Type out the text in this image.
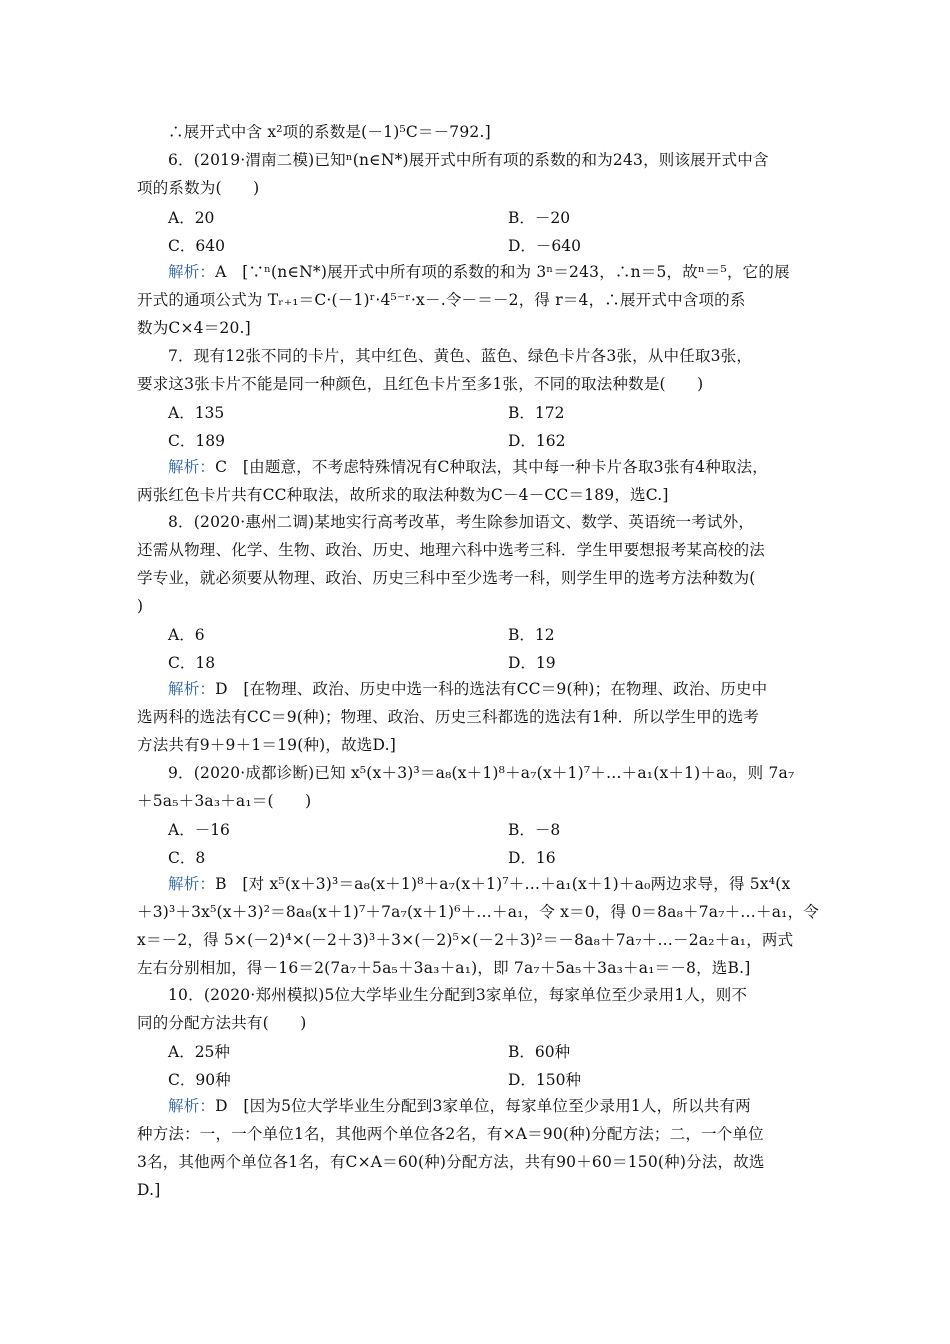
∴展开式中含 x²项的系数是(－1)⁵C＝－792.]
6．(2019·渭南二模)已知ⁿ(n∈N*)展开式中所有项的系数的和为243，则该展开式中含
项的系数为(　　)
A．20	B．－20
C．640	D．－640
解析：A　[∵ⁿ(n∈N*)展开式中所有项的系数的和为 3ⁿ＝243，∴n＝5，故ⁿ＝⁵，它的展
开式的通项公式为 Tᵣ₊₁＝C·(－1)ʳ·4⁵⁻ʳ·x－.令－＝－2，得 r＝4，∴展开式中含项的系
数为C×4＝20.]
7．现有12张不同的卡片，其中红色、黄色、蓝色、绿色卡片各3张，从中任取3张，
要求这3张卡片不能是同一种颜色，且红色卡片至多1张，不同的取法种数是(　　)
A．135	B．172
C．189	D．162
解析：C　[由题意，不考虑特殊情况有C种取法，其中每一种卡片各取3张有4种取法，
两张红色卡片共有CC种取法，故所求的取法种数为C－4－CC＝189，选C.]
8．(2020·惠州二调)某地实行高考改革，考生除参加语文、数学、英语统一考试外，
还需从物理、化学、生物、政治、历史、地理六科中选考三科．学生甲要想报考某高校的法
学专业，就必须要从物理、政治、历史三科中至少选考一科，则学生甲的选考方法种数为(
)
A．6	B．12
C．18	D．19
解析：D　[在物理、政治、历史中选一科的选法有CC＝9(种)；在物理、政治、历史中
选两科的选法有CC＝9(种)；物理、政治、历史三科都选的选法有1种．所以学生甲的选考
方法共有9＋9＋1＝19(种)，故选D.]
9．(2020·成都诊断)已知 x⁵(x＋3)³＝a₈(x＋1)⁸＋a₇(x＋1)⁷＋…＋a₁(x＋1)＋a₀，则 7a₇
＋5a₅＋3a₃＋a₁＝(　　)
A．－16	B．－8
C．8	D．16
解析：B　[对 x⁵(x＋3)³＝a₈(x＋1)⁸＋a₇(x＋1)⁷＋…＋a₁(x＋1)＋a₀两边求导，得 5x⁴(x
＋3)³＋3x⁵(x＋3)²＝8a₈(x＋1)⁷＋7a₇(x＋1)⁶＋…＋a₁，令 x＝0，得 0＝8a₈＋7a₇＋…＋a₁，令
x＝－2，得 5×(－2)⁴×(－2＋3)³＋3×(－2)⁵×(－2＋3)²＝－8a₈＋7a₇＋…－2a₂＋a₁，两式
左右分别相加，得－16＝2(7a₇＋5a₅＋3a₃＋a₁)，即 7a₇＋5a₅＋3a₃＋a₁＝－8，选B.]
10．(2020·郑州模拟)5位大学毕业生分配到3家单位，每家单位至少录用1人，则不
同的分配方法共有(　　)
A．25种	B．60种
C．90种	D．150种
解析：D　[因为5位大学毕业生分配到3家单位，每家单位至少录用1人，所以共有两
种方法：一，一个单位1名，其他两个单位各2名，有×A＝90(种)分配方法；二，一个单位
3名，其他两个单位各1名，有C×A＝60(种)分配方法，共有90＋60＝150(种)分法，故选
D.]
